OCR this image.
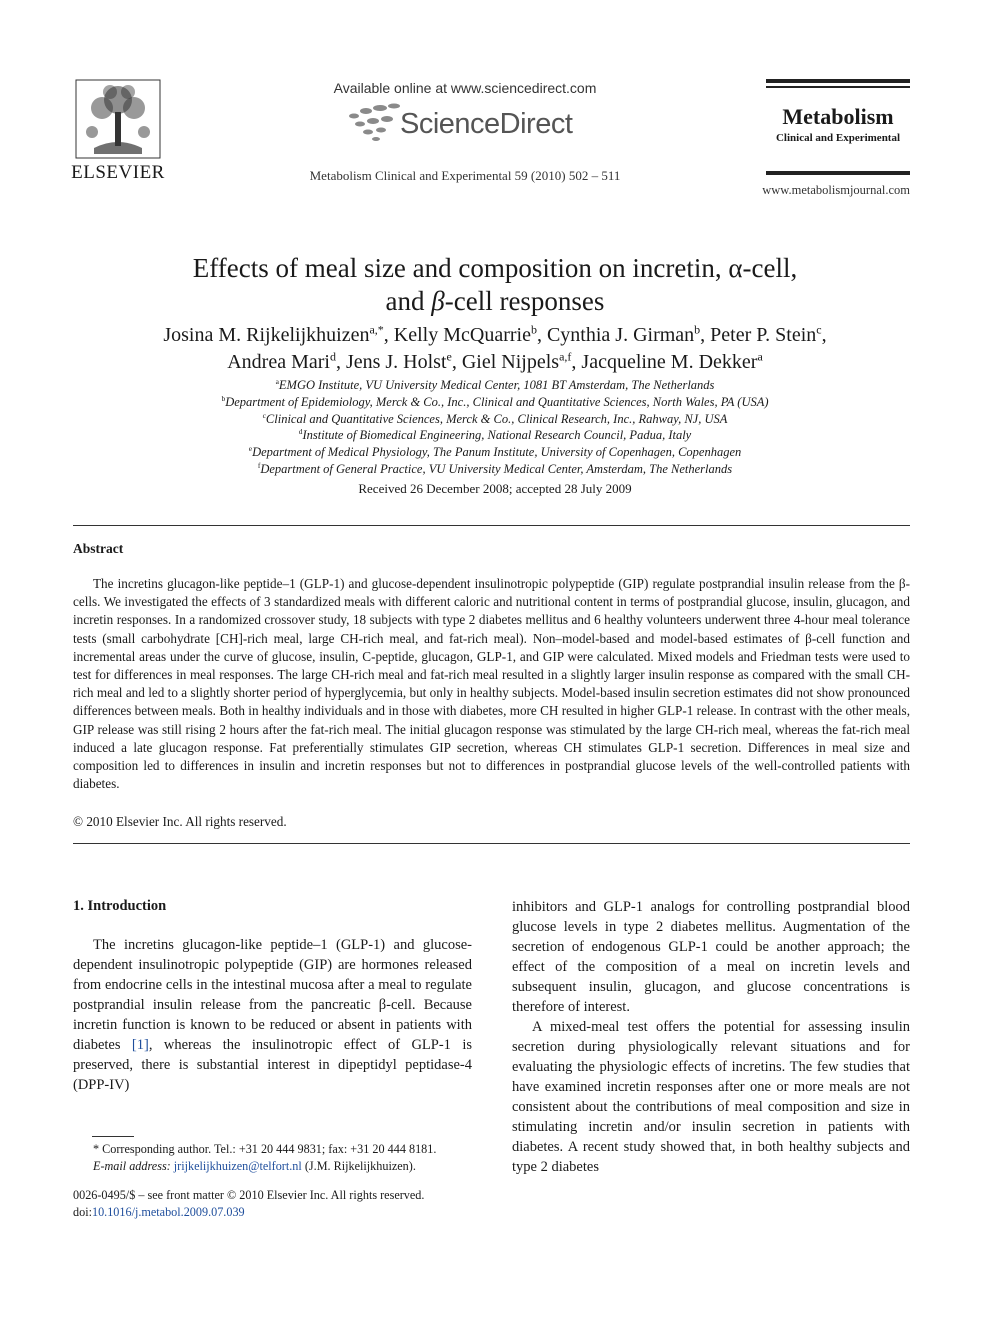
ELSEVIER
Available online at www.sciencedirect.com
ScienceDirect
Metabolism Clinical and Experimental 59 (2010) 502 – 511
Metabolism
Clinical and Experimental
www.metabolismjournal.com
Effects of meal size and composition on incretin, α-cell,
and β-cell responses
Josina M. Rijkelijkhuizen$^{a,*}$, Kelly McQuarrie$^b$, Cynthia J. Girman$^b$, Peter P. Stein$^c$,
Andrea Mari$^d$, Jens J. Holst$^e$, Giel Nijpels$^{a,f}$, Jacqueline M. Dekker$^a$
$^a$EMGO Institute, VU University Medical Center, 1081 BT Amsterdam, The Netherlands
$^b$Department of Epidemiology, Merck & Co., Inc., Clinical and Quantitative Sciences, North Wales, PA (USA)
$^c$Clinical and Quantitative Sciences, Merck & Co., Clinical Research, Inc., Rahway, NJ, USA
$^d$Institute of Biomedical Engineering, National Research Council, Padua, Italy
$^e$Department of Medical Physiology, The Panum Institute, University of Copenhagen, Copenhagen
$^f$Department of General Practice, VU University Medical Center, Amsterdam, The Netherlands
Received 26 December 2008; accepted 28 July 2009
Abstract
The incretins glucagon-like peptide–1 (GLP-1) and glucose-dependent insulinotropic polypeptide (GIP) regulate postprandial insulin release from the β-cells. We investigated the effects of 3 standardized meals with different caloric and nutritional content in terms of postprandial glucose, insulin, glucagon, and incretin responses. In a randomized crossover study, 18 subjects with type 2 diabetes mellitus and 6 healthy volunteers underwent three 4-hour meal tolerance tests (small carbohydrate [CH]-rich meal, large CH-rich meal, and fat-rich meal). Non–model-based and model-based estimates of β-cell function and incremental areas under the curve of glucose, insulin, C-peptide, glucagon, GLP-1, and GIP were calculated. Mixed models and Friedman tests were used to test for differences in meal responses. The large CH-rich meal and fat-rich meal resulted in a slightly larger insulin response as compared with the small CH-rich meal and led to a slightly shorter period of hyperglycemia, but only in healthy subjects. Model-based insulin secretion estimates did not show pronounced differences between meals. Both in healthy individuals and in those with diabetes, more CH resulted in higher GLP-1 release. In contrast with the other meals, GIP release was still rising 2 hours after the fat-rich meal. The initial glucagon response was stimulated by the large CH-rich meal, whereas the fat-rich meal induced a late glucagon response. Fat preferentially stimulates GIP secretion, whereas CH stimulates GLP-1 secretion. Differences in meal size and composition led to differences in insulin and incretin responses but not to differences in postprandial glucose levels of the well-controlled patients with diabetes.
© 2010 Elsevier Inc. All rights reserved.
1. Introduction

The incretins glucagon-like peptide–1 (GLP-1) and glucose-dependent insulinotropic polypeptide (GIP) are hormones released from endocrine cells in the intestinal mucosa after a meal to regulate postprandial insulin release from the pancreatic β-cell. Because incretin function is known to be reduced or absent in patients with diabetes [1], whereas the insulinotropic effect of GLP-1 is preserved, there is substantial interest in dipeptidyl peptidase-4 (DPP-IV)

inhibitors and GLP-1 analogs for controlling postprandial blood glucose levels in type 2 diabetes mellitus. Augmentation of the secretion of endogenous GLP-1 could be another approach; the effect of the composition of a meal on incretin levels and subsequent insulin, glucagon, and glucose concentrations is therefore of interest.

A mixed-meal test offers the potential for assessing insulin secretion during physiologically relevant situations and for evaluating the physiologic effects of incretins. The few studies that have examined incretin responses after one or more meals are not consistent about the contributions of meal composition and size in stimulating incretin and/or insulin secretion in patients with diabetes. A recent study showed that, in both healthy subjects and type 2 diabetes

* Corresponding author. Tel.: +31 20 444 9831; fax: +31 20 444 8181.
E-mail address: jrijkelijkhuizen@telfort.nl (J.M. Rijkelijkhuizen).
0026-0495/$ – see front matter © 2010 Elsevier Inc. All rights reserved.
doi:10.1016/j.metabol.2009.07.039
